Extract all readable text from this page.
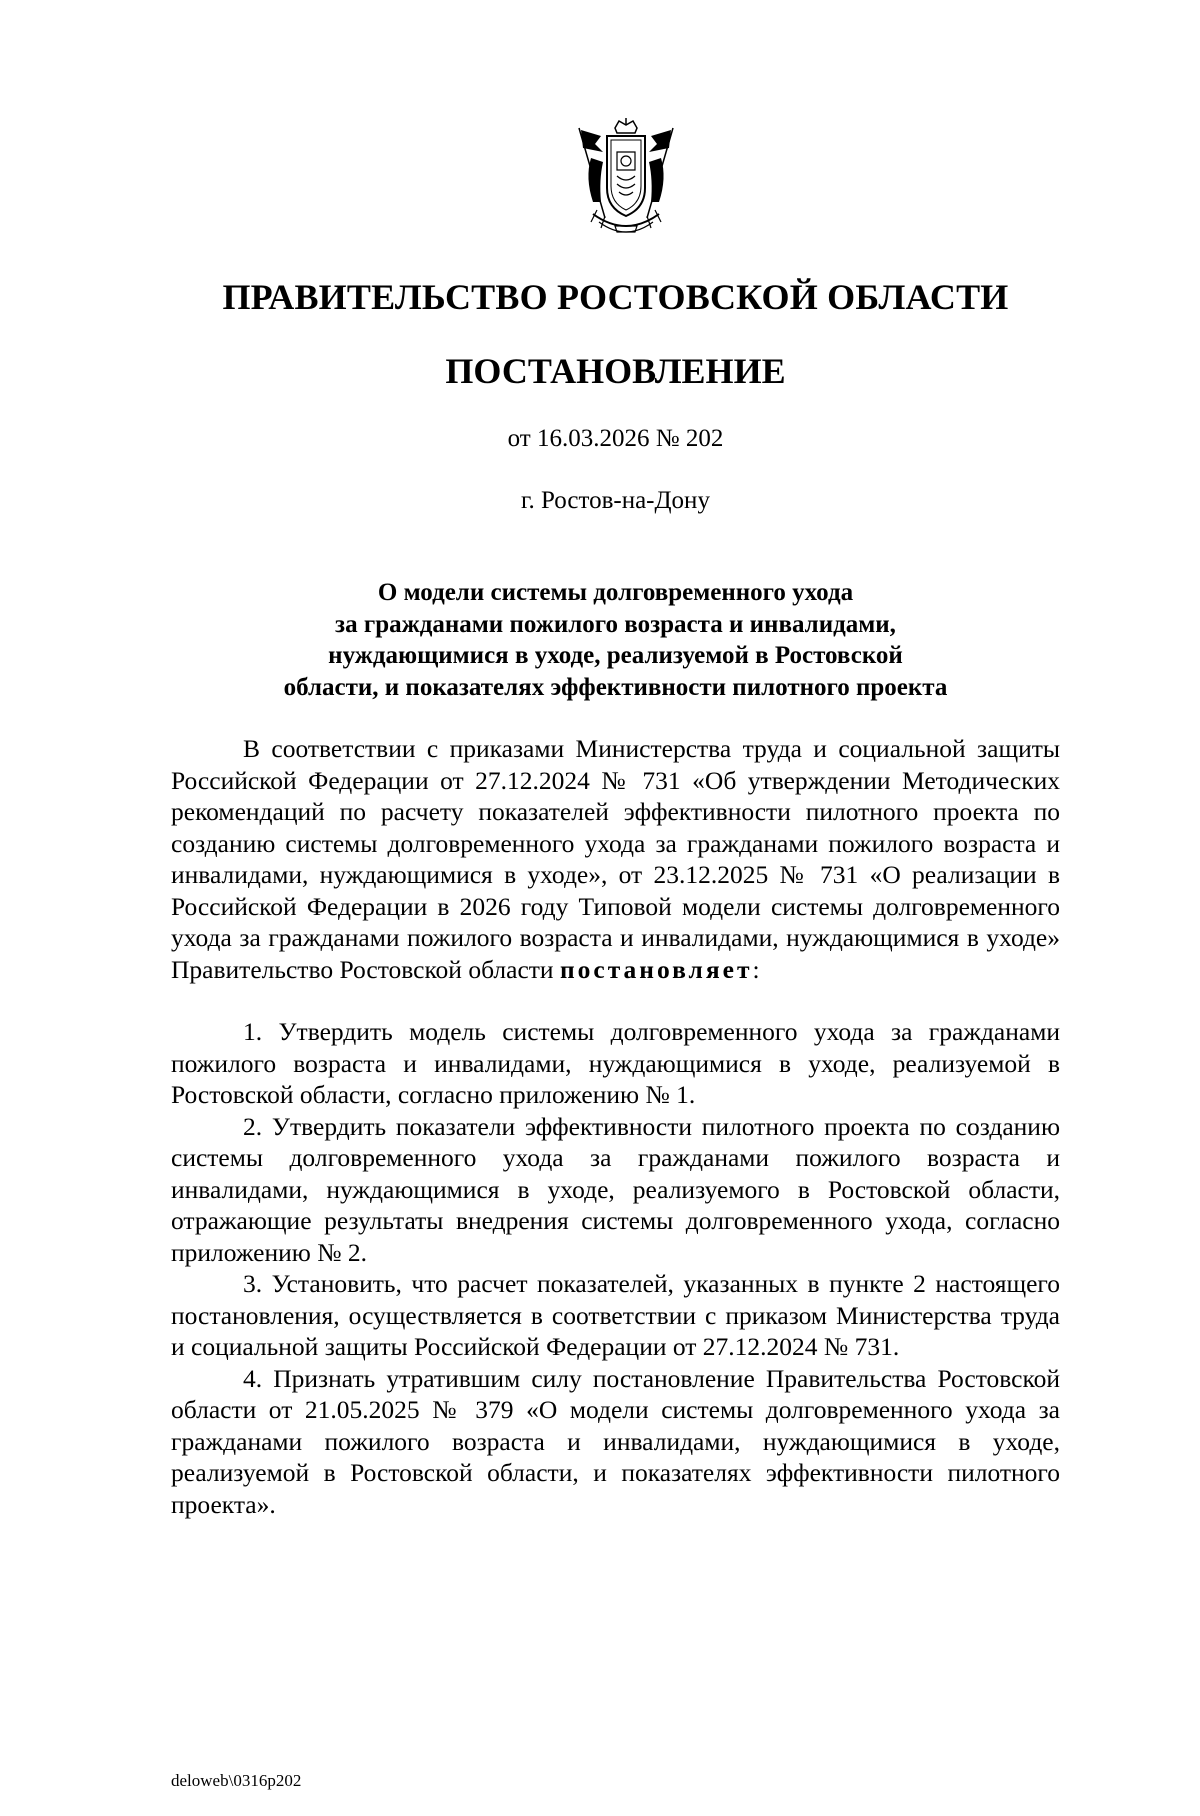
ПРАВИТЕЛЬСТВО РОСТОВСКОЙ ОБЛАСТИ
ПОСТАНОВЛЕНИЕ
от 16.03.2026 № 202
г. Ростов-на-Дону
О модели системы долговременного ухода
за гражданами пожилого возраста и инвалидами,
нуждающимися в уходе, реализуемой в Ростовской
области, и показателях эффективности пилотного проекта

В соответствии с приказами Министерства труда и социальной защиты Российской Федерации от 27.12.2024 № 731 «Об утверждении Методических рекомендаций по расчету показателей эффективности пилотного проекта по созданию системы долговременного ухода за гражданами пожилого возраста и инвалидами, нуждающимися в уходе», от 23.12.2025 № 731 «О реализации в Российской Федерации в 2026 году Типовой модели системы долговременного ухода за гражданами пожилого возраста и инвалидами, нуждающимися в уходе» Правительство Ростовской области постановляет:

1. Утвердить модель системы долговременного ухода за гражданами пожилого возраста и инвалидами, нуждающимися в уходе, реализуемой в Ростовской области, согласно приложению № 1.

2. Утвердить показатели эффективности пилотного проекта по созданию системы долговременного ухода за гражданами пожилого возраста и инвалидами, нуждающимися в уходе, реализуемого в Ростовской области, отражающие результаты внедрения системы долговременного ухода, согласно приложению № 2.

3. Установить, что расчет показателей, указанных в пункте 2 настоящего постановления, осуществляется в соответствии с приказом Министерства труда и социальной защиты Российской Федерации от 27.12.2024 № 731.

4. Признать утратившим силу постановление Правительства Ростовской области от 21.05.2025 № 379 «О модели системы долговременного ухода за гражданами пожилого возраста и инвалидами, нуждающимися в уходе, реализуемой в Ростовской области, и показателях эффективности пилотного проекта».

deloweb\0316p202
